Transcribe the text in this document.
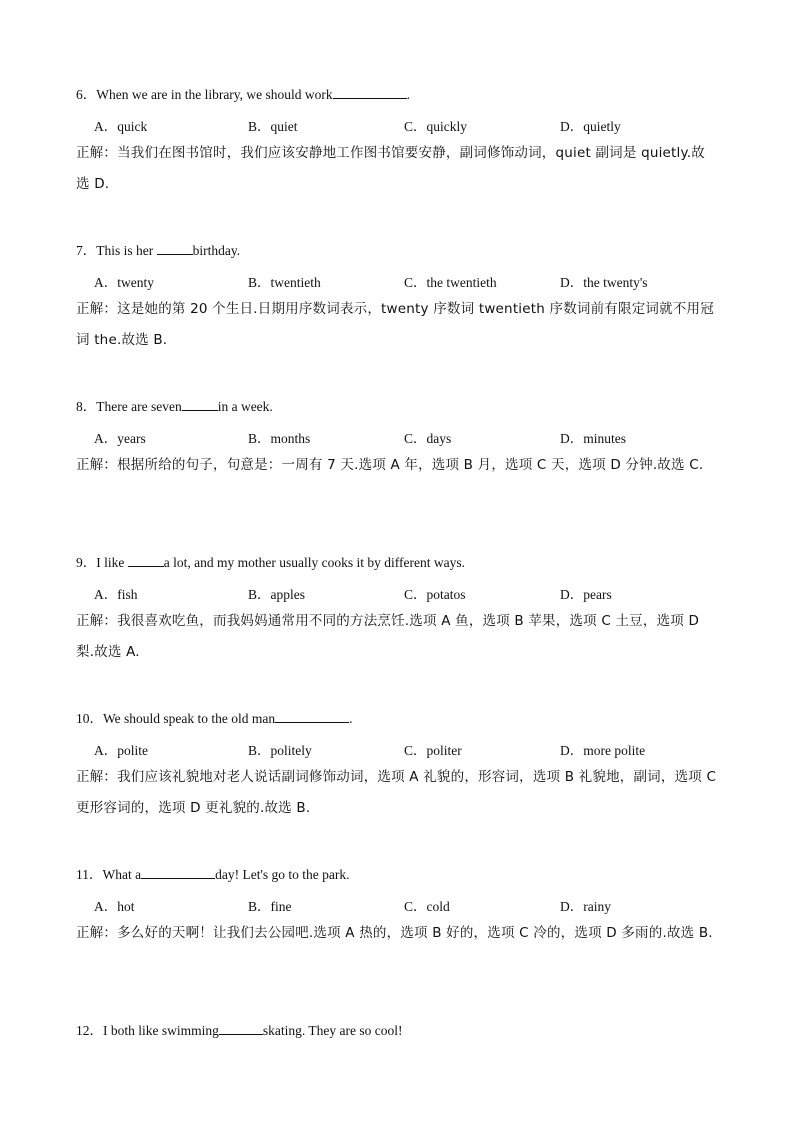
6．When we are in the library, we should work	.
A．quick	B．quiet	C．quickly	D．quietly
正解：当我们在图书馆时，我们应该安静地工作图书馆要安静，副词修饰动词，quiet 副词是 quietly.故选 D.
7．This is her	birthday.
A．twenty	B．twentieth	C．the twentieth	D．the twenty's
正解：这是她的第 20 个生日.日期用序数词表示，twenty 序数词 twentieth 序数词前有限定词就不用冠词 the.故选 B.
8．There are seven	in a week.
A．years	B．months	C．days	D．minutes
正解：根据所给的句子，句意是：一周有 7 天.选项 A 年，选项 B 月，选项 C 天，选项 D 分钟.故选 C.
9．I like	a lot, and my mother usually cooks it by different ways.
A．fish	B．apples	C．potatos	D．pears
正解：我很喜欢吃鱼，而我妈妈通常用不同的方法烹饪.选项 A 鱼，选项 B 苹果，选项 C 土豆，选项 D 梨.故选 A.
10．We should speak to the old man	.
A．polite	B．politely	C．politer	D．more polite
正解：我们应该礼貌地对老人说话副词修饰动词，选项 A 礼貌的，形容词，选项 B 礼貌地，副词，选项 C 更形容词的，选项 D 更礼貌的.故选 B.
11．What a	day! Let's go to the park.
A．hot	B．fine	C．cold	D．rainy
正解：多么好的天啊！让我们去公园吧.选项 A 热的，选项 B 好的，选项 C 冷的，选项 D 多雨的.故选 B.
12．I both like swimming	skating. They are so cool!
